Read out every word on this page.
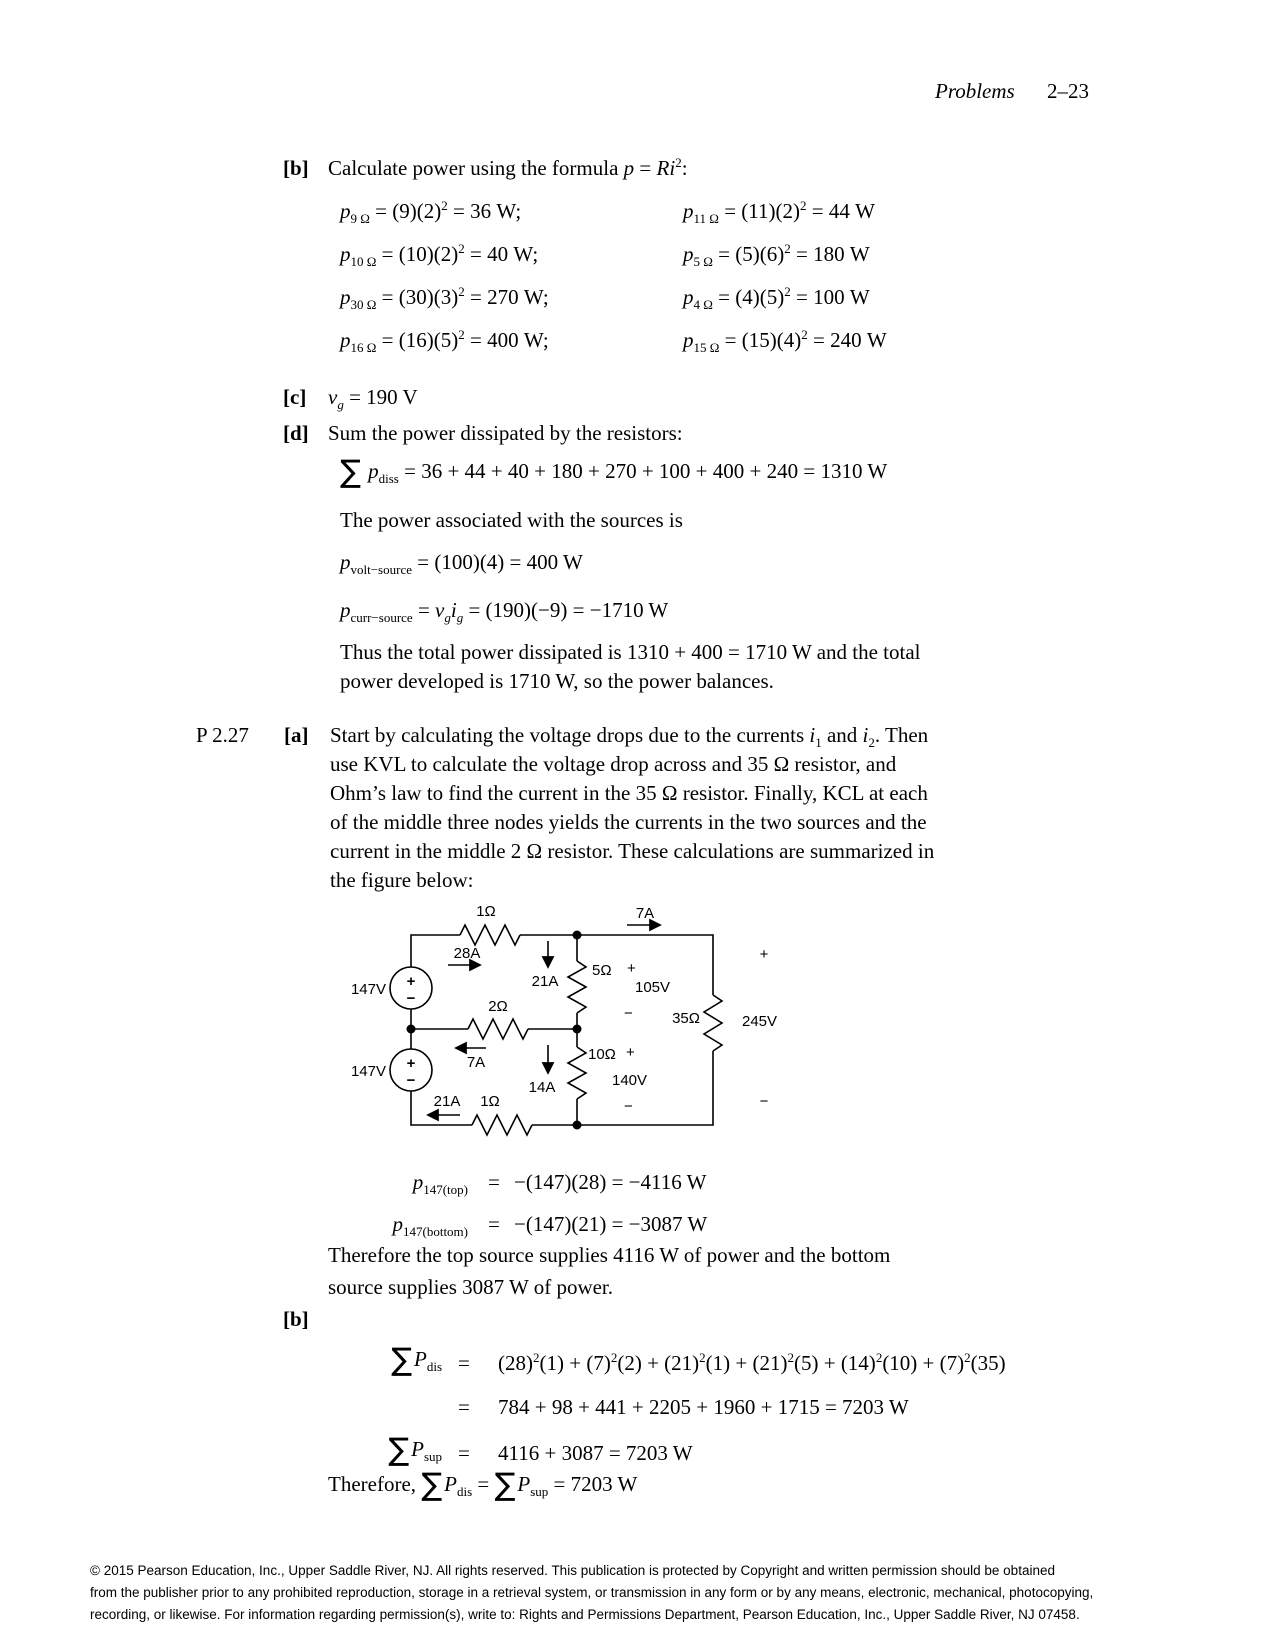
Problems 2–23
[b] Calculate power using the formula $p = Ri^2$:
$p_{9 \Omega} = (9)(2)^2 = 36$ W;	$p_{11 \Omega} = (11)(2)^2 = 44$ W
$p_{10 \Omega} = (10)(2)^2 = 40$ W;	$p_{5 \Omega} = (5)(6)^2 = 180$ W
$p_{30 \Omega} = (30)(3)^2 = 270$ W;	$p_{4 \Omega} = (4)(5)^2 = 100$ W
$p_{16 \Omega} = (16)(5)^2 = 400$ W;	$p_{15 \Omega} = (15)(4)^2 = 240$ W
[c] $v_g = 190$ V
[d] Sum the power dissipated by the resistors:
∑ $p_{diss} = 36 + 44 + 40 + 180 + 270 + 100 + 400 + 240 = 1310$ W
The power associated with the sources is
$p_{volt-source} = (100)(4) = 400$ W
$p_{curr-source} = v_gi_g = (190)(-9) = -1710$ W
Thus the total power dissipated is 1310 + 400 = 1710 W and the total
power developed is 1710 W, so the power balances.
P 2.27 [a] Start by calculating the voltage drops due to the currents $i_1$ and $i_2$. Then
use KVL to calculate the voltage drop across and 35 Ω resistor, and
Ohm’s law to find the current in the 35 Ω resistor. Finally, KCL at each
of the middle three nodes yields the currents in the two sources and the
current in the middle 2 Ω resistor. These calculations are summarized in
the figure below:
+
−
+
−
147V
147V
28A
1Ω	7A
21A
5Ω +
105V
−
2Ω
7A
14A
10Ω +
140V
−
21A 1Ω
35Ω	245V
+
−
$p_{147(top)} = -(147)(28) = -4116$ W
$p_{147(bottom)} = -(147)(21) = -3087$ W
Therefore the top source supplies 4116 W of power and the bottom
source supplies 3087 W of power.
[b]
$\sum P_{dis} = (28)^2(1) + (7)^2(2) + (21)^2(1) + (21)^2(5) + (14)^2(10) + (7)^2(35)$
= 784 + 98 + 441 + 2205 + 1960 + 1715 = 7203 W
$\sum P_{sup} = 4116 + 3087 = 7203$ W
Therefore, $\sum P_{dis} = \sum P_{sup} = 7203$ W
© 2015 Pearson Education, Inc., Upper Saddle River, NJ. All rights reserved. This publication is protected by Copyright and written permission should be obtained
from the publisher prior to any prohibited reproduction, storage in a retrieval system, or transmission in any form or by any means, electronic, mechanical, photocopying,
recording, or likewise. For information regarding permission(s), write to: Rights and Permissions Department, Pearson Education, Inc., Upper Saddle River, NJ 07458.
